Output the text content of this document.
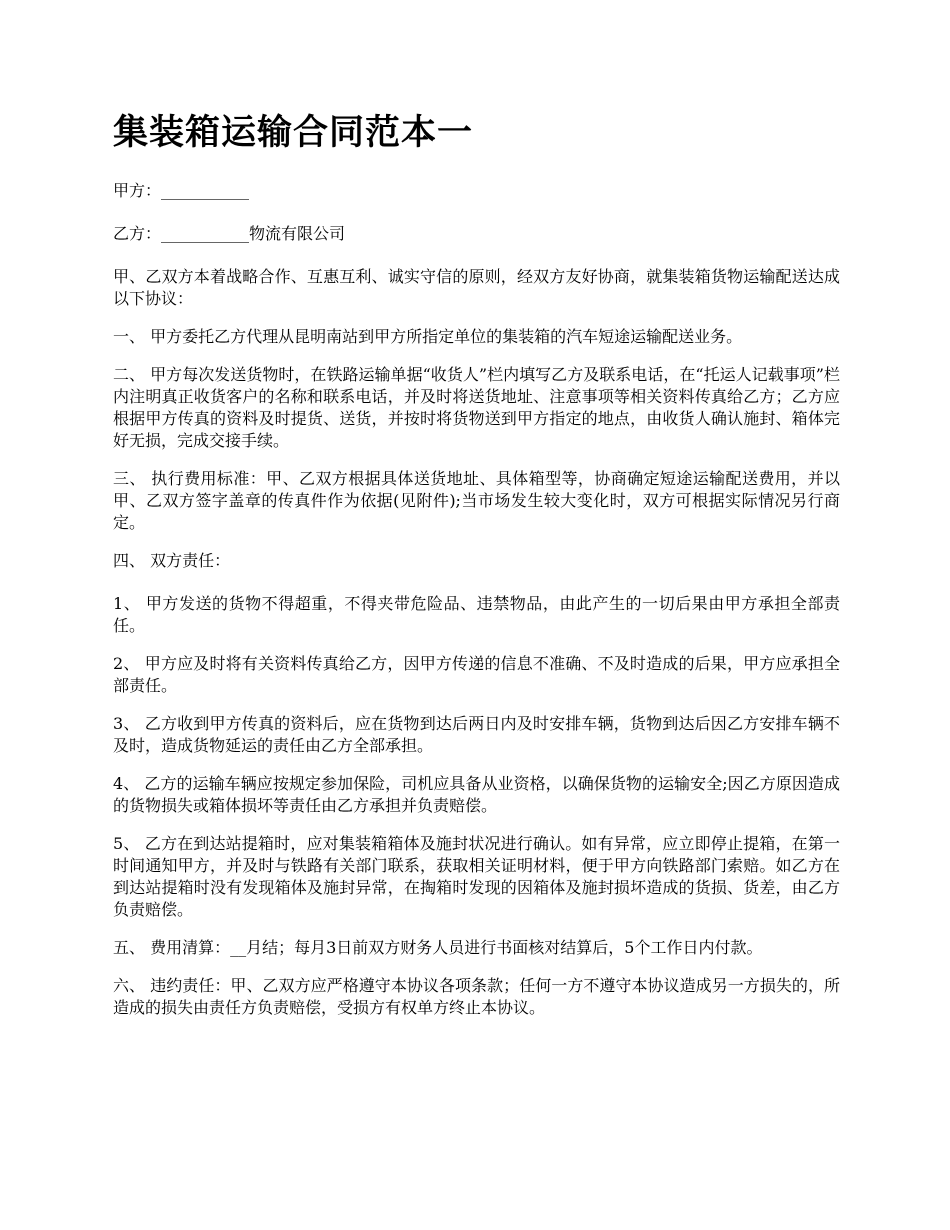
集装箱运输合同范本一

甲方：___________

乙方：___________物流有限公司

甲、乙双方本着战略合作、互惠互利、诚实守信的原则，经双方友好协商，就集装箱货物运输配送达成以下协议：

一、 甲方委托乙方代理从昆明南站到甲方所指定单位的集装箱的汽车短途运输配送业务。

二、 甲方每次发送货物时，在铁路运输单据“收货人”栏内填写乙方及联系电话，在“托运人记载事项”栏内注明真正收货客户的名称和联系电话，并及时将送货地址、注意事项等相关资料传真给乙方；乙方应根据甲方传真的资料及时提货、送货，并按时将货物送到甲方指定的地点，由收货人确认施封、箱体完好无损，完成交接手续。

三、 执行费用标准：甲、乙双方根据具体送货地址、具体箱型等，协商确定短途运输配送费用，并以甲、乙双方签字盖章的传真件作为依据(见附件);当市场发生较大变化时，双方可根据实际情况另行商定。

四、 双方责任：

1、 甲方发送的货物不得超重，不得夹带危险品、违禁物品，由此产生的一切后果由甲方承担全部责任。

2、 甲方应及时将有关资料传真给乙方，因甲方传递的信息不准确、不及时造成的后果，甲方应承担全部责任。

3、 乙方收到甲方传真的资料后，应在货物到达后两日内及时安排车辆，货物到达后因乙方安排车辆不及时，造成货物延运的责任由乙方全部承担。

4、 乙方的运输车辆应按规定参加保险，司机应具备从业资格，以确保货物的运输安全;因乙方原因造成的货物损失或箱体损坏等责任由乙方承担并负责赔偿。

5、 乙方在到达站提箱时，应对集装箱箱体及施封状况进行确认。如有异常，应立即停止提箱，在第一时间通知甲方，并及时与铁路有关部门联系，获取相关证明材料，便于甲方向铁路部门索赔。如乙方在到达站提箱时没有发现箱体及施封异常，在掏箱时发现的因箱体及施封损坏造成的货损、货差，由乙方负责赔偿。

五、 费用清算：__月结；每月3日前双方财务人员进行书面核对结算后，5个工作日内付款。

六、 违约责任：甲、乙双方应严格遵守本协议各项条款；任何一方不遵守本协议造成另一方损失的，所造成的损失由责任方负责赔偿，受损方有权单方终止本协议。
